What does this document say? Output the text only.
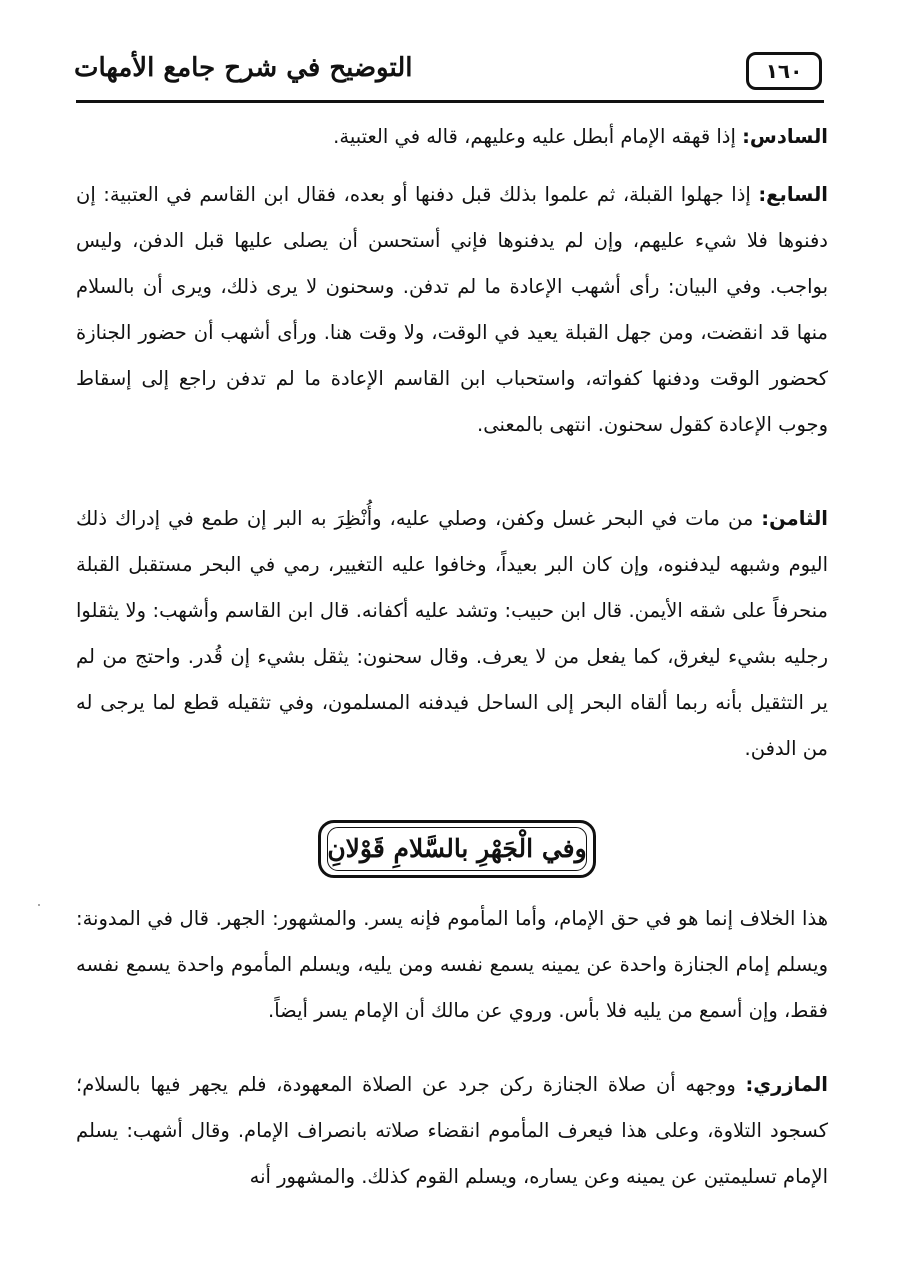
١٦٠
التوضيح في شرح جامع الأمهات

السادس: إذا قهقه الإمام أبطل عليه وعليهم، قاله في العتبية.

السابع: إذا جهلوا القبلة، ثم علموا بذلك قبل دفنها أو بعده، فقال ابن القاسم في العتبية: إن دفنوها فلا شيء عليهم، وإن لم يدفنوها فإني أستحسن أن يصلى عليها قبل الدفن، وليس بواجب. وفي البيان: رأى أشهب الإعادة ما لم تدفن. وسحنون لا يرى ذلك، ويرى أن بالسلام منها قد انقضت، ومن جهل القبلة يعيد في الوقت، ولا وقت هنا. ورأى أشهب أن حضور الجنازة كحضور الوقت ودفنها كفواته، واستحباب ابن القاسم الإعادة ما لم تدفن راجع إلى إسقاط وجوب الإعادة كقول سحنون. انتهى بالمعنى.

الثامن: من مات في البحر غسل وكفن، وصلي عليه، وأُنْظِرَ به البر إن طمع في إدراك ذلك اليوم وشبهه ليدفنوه، وإن كان البر بعيداً، وخافوا عليه التغيير، رمي في البحر مستقبل القبلة منحرفاً على شقه الأيمن. قال ابن حبيب: وتشد عليه أكفانه. قال ابن القاسم وأشهب: ولا يثقلوا رجليه بشيء ليغرق، كما يفعل من لا يعرف. وقال سحنون: يثقل بشيء إن قُدر. واحتج من لم ير التثقيل بأنه ربما ألقاه البحر إلى الساحل فيدفنه المسلمون، وفي تثقيله قطع لما يرجى له من الدفن.

وفي الْجَهْرِ بالسَّلامِ قَوْلانِ

هذا الخلاف إنما هو في حق الإمام، وأما المأموم فإنه يسر. والمشهور: الجهر. قال في المدونة: ويسلم إمام الجنازة واحدة عن يمينه يسمع نفسه ومن يليه، ويسلم المأموم واحدة يسمع نفسه فقط، وإن أسمع من يليه فلا بأس. وروي عن مالك أن الإمام يسر أيضاً.

المازري: ووجهه أن صلاة الجنازة ركن جرد عن الصلاة المعهودة، فلم يجهر فيها بالسلام؛ كسجود التلاوة، وعلى هذا فيعرف المأموم انقضاء صلاته بانصراف الإمام. وقال أشهب: يسلم الإمام تسليمتين عن يمينه وعن يساره، ويسلم القوم كذلك. والمشهور أنه
